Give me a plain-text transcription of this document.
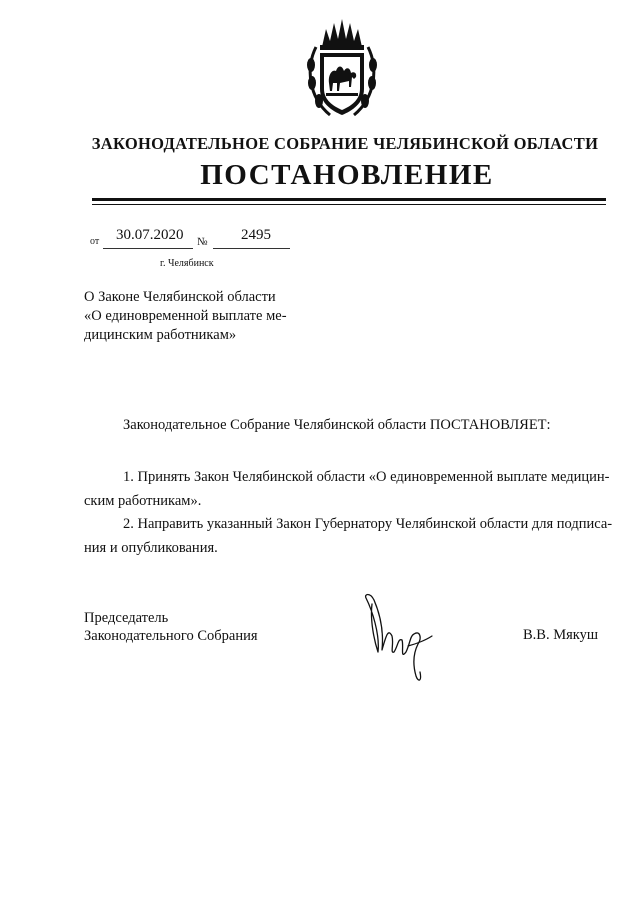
ЗАКОНОДАТЕЛЬНОЕ СОБРАНИЕ ЧЕЛЯБИНСКОЙ ОБЛАСТИ
ПОСТАНОВЛЕНИЕ
от 30.07.2020 № 2495
г. Челябинск
О Законе Челябинской области
«О единовременной выплате ме-
дицинским работникам»
Законодательное Собрание Челябинской области ПОСТАНОВЛЯЕТ:
1. Принять Закон Челябинской области «О единовременной выплате медицин-
ским работникам».
2. Направить указанный Закон Губернатору Челябинской области для подписа-
ния и опубликования.
Председатель
Законодательного Собрания	В.В. Мякуш
